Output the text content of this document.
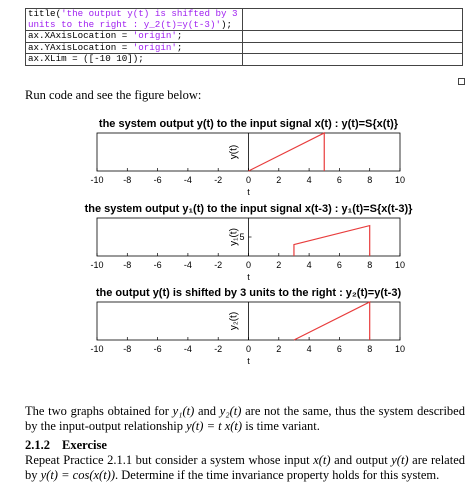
title('the output y(t) is shifted by 3 units to the right : y_2(t)=y(t-3)');	
ax.XAxisLocation = 'origin';	
ax.YAxisLocation = 'origin';	
ax.XLim = ([-10 10]);	
Run code and see the figure below:
the system output y(t) to the input signal x(t) : y(t)=S{x(t)}
-10 -8 -6 -4 -2	0	2	4	6	8	10
t
y(t)
the system output y₁(t) to the input signal x(t-3) : y₁(t)=S{x(t-3)}
-10 -8 -6 -4 -2	0	2	4	6	8	10
t
y₁(t) 5
the output y(t) is shifted by 3 units to the right : y₂(t)=y(t-3)
-10 -8 -6 -4 -2	0	2	4	6	8	10
t
y₂(t)
The two graphs obtained for y₁(t) and y₂(t) are not the same, thus the system described by the input-output relationship y(t) = t x(t) is time variant.
2.1.2 Exercise
Repeat Practice 2.1.1 but consider a system whose input x(t) and output y(t) are related by y(t) = cos(x(t)). Determine if the time invariance property holds for this system.
